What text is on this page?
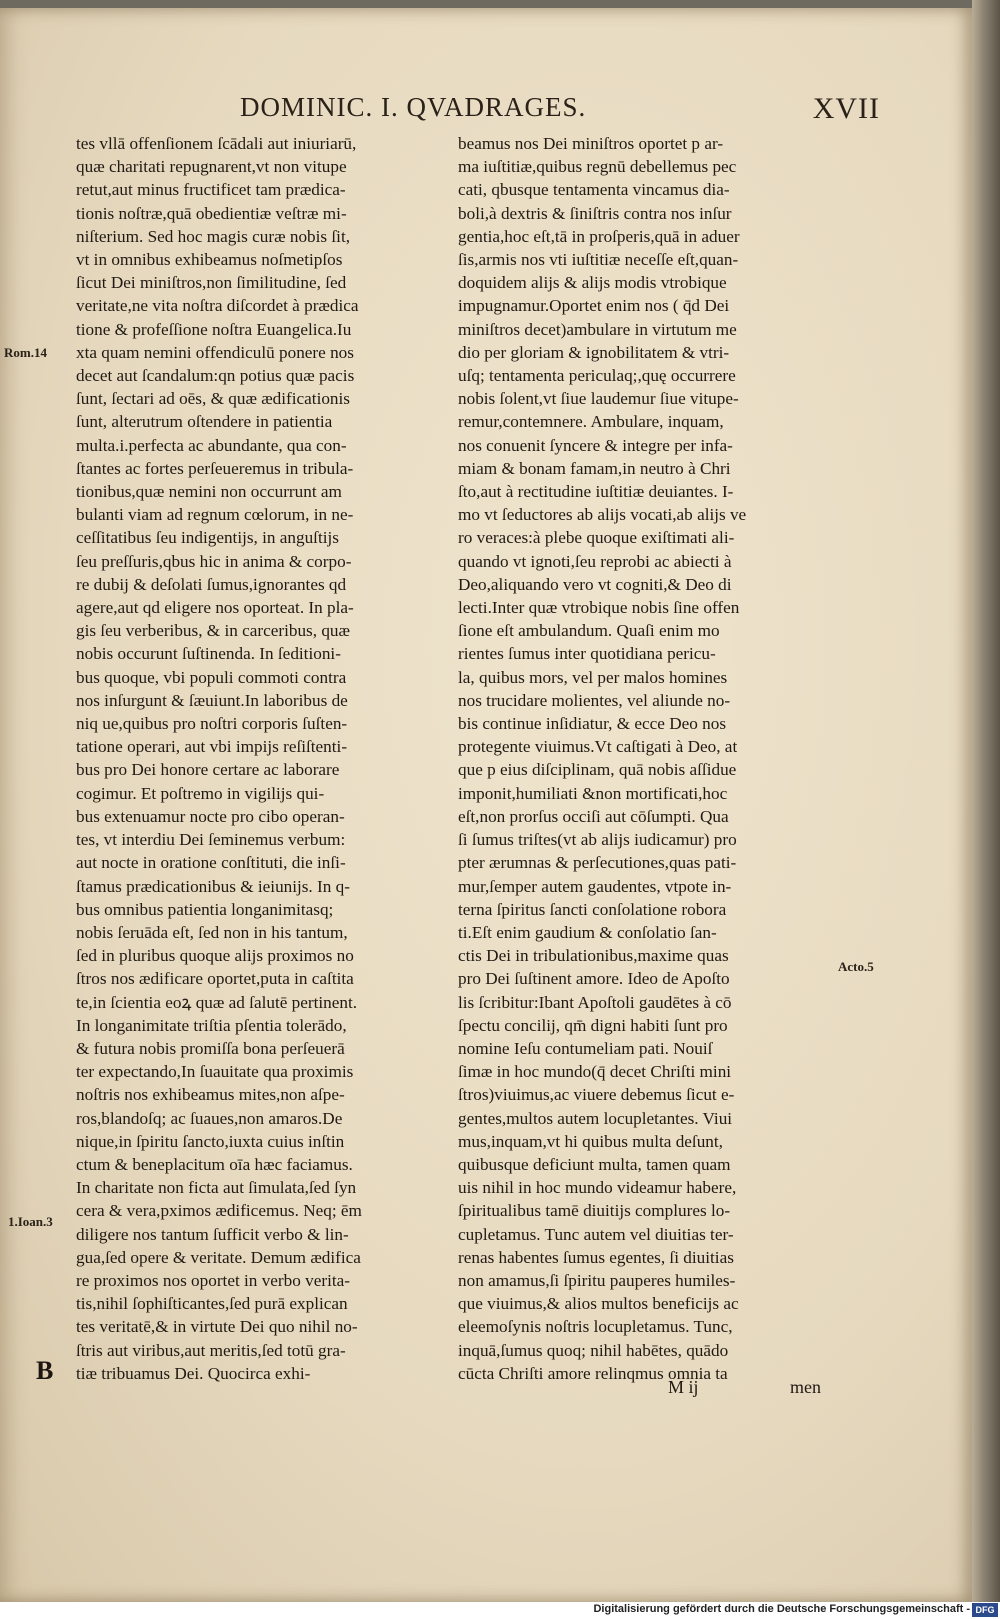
DOMINIC. I. QVADRAGES.	XVII
tes vllā offenſionem ſcādali aut iniuriarū,
quæ charitati repugnarent,vt non vitupe
retut,aut minus fructificet tam prædica-
tionis noſtræ,quā obedientiæ veſtræ mi-
niſterium. Sed hoc magis curæ nobis ſit,
vt in omnibus exhibeamus noſmetipſos
ſicut Dei miniſtros,non ſimilitudine, ſed
veritate,ne vita noſtra diſcordet à prædica
tione & profeſſione noſtra Euangelica.Iu
xta quam nemini offendiculū ponere nos
decet aut ſcandalum:qn potius quæ pacis
ſunt, ſectari ad oēs, & quæ ædificationis
ſunt, alterutrum oſtendere in patientia
multa.i.perfecta ac abundante, qua con-
ſtantes ac fortes perſeueremus in tribula-
tionibus,quæ nemini non occurrunt am
bulanti viam ad regnum cœlorum, in ne-
ceſſitatibus ſeu indigentĳs, in anguſtĳs
ſeu preſſuris,qbus hic in anima & corpo-
re dubĳ & deſolati ſumus,ignorantes qd
agere,aut qd eligere nos oporteat. In pla-
gis ſeu verberibus, & in carceribus, quæ
nobis occurunt ſuſtinenda. In ſeditioni-
bus quoque, vbi populi commoti contra
nos inſurgunt & ſæuiunt.In laboribus de
niq ue,quibus pro noſtri corporis ſuſten-
tatione operari, aut vbi impĳs reſiſtenti-
bus pro Dei honore certare ac laborare
cogimur. Et poſtremo in vigilĳs qui-
bus extenuamur nocte pro cibo operan-
tes, vt interdiu Dei ſeminemus verbum:
aut nocte in oratione conſtituti, die inſi-
ſtamus prædicationibus & ieiunĳs. In q-
bus omnibus patientia longanimitasq;
nobis ſeruāda eſt, ſed non in his tantum,
ſed in pluribus quoque alĳs proximos no
ſtros nos ædificare oportet,puta in caſtita
te,in ſcientia eoꝝ quæ ad ſalutē pertinent.
In longanimitate triſtia pſentia tolerādo,
& futura nobis promiſſa bona perſeuerā
ter expectando,In ſuauitate qua proximis
noſtris nos exhibeamus mites,non aſpe-
ros,blandoſq; ac ſuaues,non amaros.De
nique,in ſpiritu ſancto,iuxta cuius inſtin
ctum & beneplacitum oīa hæc faciamus.
In charitate non ficta aut ſimulata,ſed ſyn
cera & vera,pximos ædificemus. Neq; ēm
diligere nos tantum ſufficit verbo & lin-
gua,ſed opere & veritate. Demum ædifica
re proximos nos oportet in verbo verita-
tis,nihil ſophiſticantes,ſed purā explican
tes veritatē,& in virtute Dei quo nihil no-
ſtris aut viribus,aut meritis,ſed totū gra-
tiæ tribuamus Dei. Quocirca exhi-
beamus nos Dei miniſtros oportet p ar-
ma iuſtitiæ,quibus regnū debellemus pec
cati, qbusque tentamenta vincamus dia-
boli,à dextris & ſiniſtris contra nos inſur
gentia,hoc eſt,tā in proſperis,quā in aduer
ſis,armis nos vti iuſtitiæ neceſſe eſt,quan-
doquidem alĳs & alĳs modis vtrobique
impugnamur.Oportet enim nos ( q̄d Dei
miniſtros decet)ambulare in virtutum me
dio per gloriam & ignobilitatem & vtri-
uſq; tentamenta periculaq;,quę occurrere
nobis ſolent,vt ſiue laudemur ſiue vitupe-
remur,contemnere. Ambulare, inquam,
nos conuenit ſyncere & integre per infa-
miam & bonam famam,in neutro à Chri
ſto,aut à rectitudine iuſtitiæ deuiantes. I-
mo vt ſeductores ab alĳs vocati,ab alĳs ve
ro veraces:à plebe quoque exiſtimati ali-
quando vt ignoti,ſeu reprobi ac abiecti à
Deo,aliquando vero vt cogniti,& Deo di
lecti.Inter quæ vtrobique nobis ſine offen
ſione eſt ambulandum. Quaſi enim mo
rientes ſumus inter quotidiana pericu-
la, quibus mors, vel per malos homines
nos trucidare molientes, vel aliunde no-
bis continue inſidiatur, & ecce Deo nos
protegente viuimus.Vt caſtigati à Deo, at
que p eius diſciplinam, quā nobis aſſidue
imponit,humiliati &non mortificati,hoc
eſt,non prorſus occiſi aut cōſumpti. Qua
ſi ſumus triſtes(vt ab alĳs iudicamur) pro
pter ærumnas & perſecutiones,quas pati-
mur,ſemper autem gaudentes, vtpote in-
terna ſpiritus ſancti conſolatione robora
ti.Eſt enim gaudium & conſolatio ſan-
ctis Dei in tribulationibus,maxime quas
pro Dei ſuſtinent amore. Ideo de Apoſto
lis ſcribitur:Ibant Apoſtoli gaudētes à cō
ſpectu concilĳ, qm̄ digni habiti ſunt pro
nomine Ieſu contumeliam pati. Nouiſ
ſimæ in hoc mundo(q̄ decet Chriſti mini
ſtros)viuimus,ac viuere debemus ſicut e-
gentes,multos autem locupletantes. Viui
mus,inquam,vt hi quibus multa deſunt,
quibusque deficiunt multa, tamen quam
uis nihil in hoc mundo videamur habere,
ſpiritualibus tamē diuitĳs complures lo-
cupletamus. Tunc autem vel diuitias ter-
renas habentes ſumus egentes, ſi diuitias
non amamus,ſi ſpiritu pauperes humiles-
que viuimus,& alios multos beneficĳs ac
eleemoſynis noſtris locupletamus. Tunc,
inquā,ſumus quoq; nihil habētes, quādo
cūcta Chriſti amore relinqmus omnia ta
Rom.14
1.Ioan.3
Acto.5
B
M ĳ	men
Digitalisierung gefördert durch die Deutsche Forschungsgemeinschaft - DFG
